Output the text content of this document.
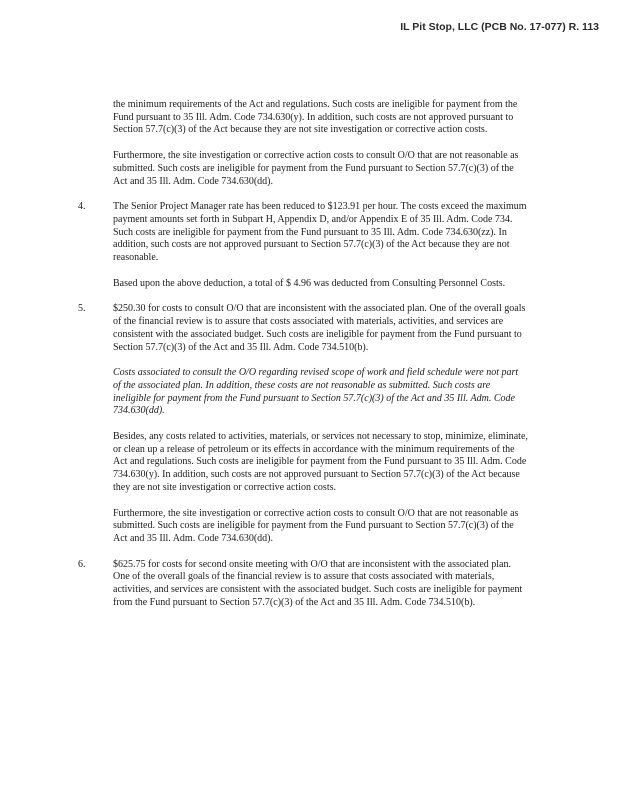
IL Pit Stop, LLC (PCB No. 17-077) R. 113

the minimum requirements of the Act and regulations. Such costs are ineligible for payment from the Fund pursuant to 35 Ill. Adm. Code 734.630(y). In addition, such costs are not approved pursuant to Section 57.7(c)(3) of the Act because they are not site investigation or corrective action costs.

Furthermore, the site investigation or corrective action costs to consult O/O that are not reasonable as submitted. Such costs are ineligible for payment from the Fund pursuant to Section 57.7(c)(3) of the Act and 35 Ill. Adm. Code 734.630(dd).

4.	The Senior Project Manager rate has been reduced to $123.91 per hour. The costs exceed the maximum payment amounts set forth in Subpart H, Appendix D, and/or Appendix E of 35 Ill. Adm. Code 734. Such costs are ineligible for payment from the Fund pursuant to 35 Ill. Adm. Code 734.630(zz). In addition, such costs are not approved pursuant to Section 57.7(c)(3) of the Act because they are not reasonable.

Based upon the above deduction, a total of $ 4.96 was deducted from Consulting Personnel Costs.

5.	$250.30 for costs to consult O/O that are inconsistent with the associated plan. One of the overall goals of the financial review is to assure that costs associated with materials, activities, and services are consistent with the associated budget. Such costs are ineligible for payment from the Fund pursuant to Section 57.7(c)(3) of the Act and 35 Ill. Adm. Code 734.510(b).

Costs associated to consult the O/O regarding revised scope of work and field schedule were not part of the associated plan. In addition, these costs are not reasonable as submitted. Such costs are ineligible for payment from the Fund pursuant to Section 57.7(c)(3) of the Act and 35 Ill. Adm. Code 734.630(dd).

Besides, any costs related to activities, materials, or services not necessary to stop, minimize, eliminate, or clean up a release of petroleum or its effects in accordance with the minimum requirements of the Act and regulations. Such costs are ineligible for payment from the Fund pursuant to 35 Ill. Adm. Code 734.630(y). In addition, such costs are not approved pursuant to Section 57.7(c)(3) of the Act because they are not site investigation or corrective action costs.

Furthermore, the site investigation or corrective action costs to consult O/O that are not reasonable as submitted. Such costs are ineligible for payment from the Fund pursuant to Section 57.7(c)(3) of the Act and 35 Ill. Adm. Code 734.630(dd).

6.	$625.75 for costs for second onsite meeting with O/O that are inconsistent with the associated plan. One of the overall goals of the financial review is to assure that costs associated with materials, activities, and services are consistent with the associated budget. Such costs are ineligible for payment from the Fund pursuant to Section 57.7(c)(3) of the Act and 35 Ill. Adm. Code 734.510(b).
